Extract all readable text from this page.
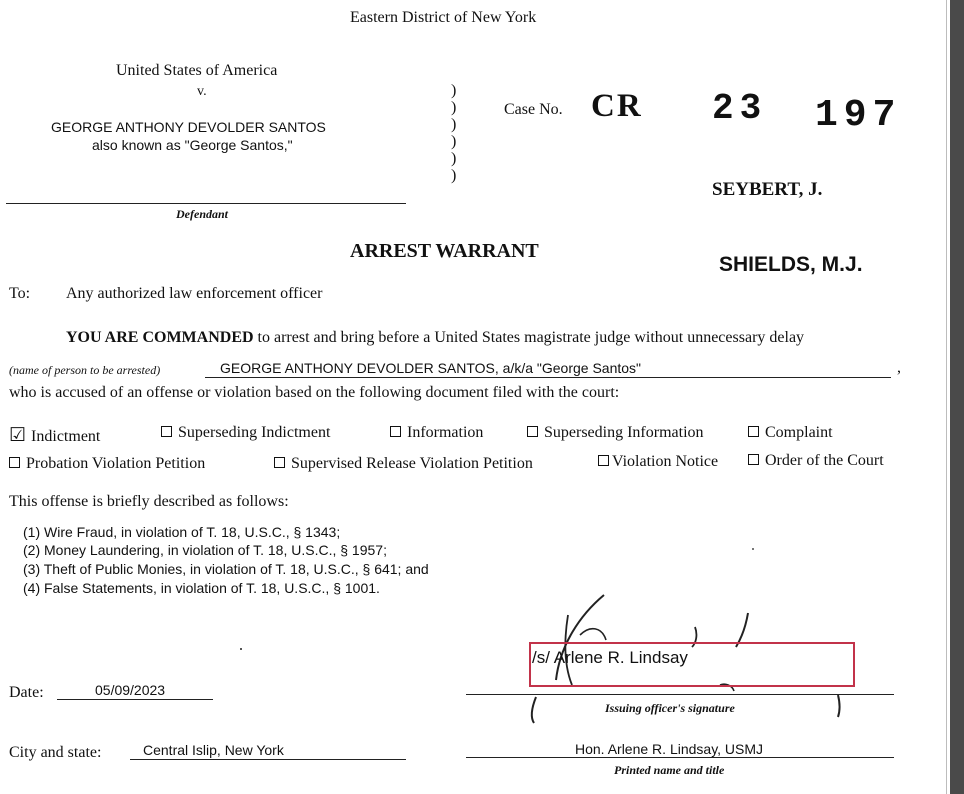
Eastern District of New York
United States of America
v.
GEORGE ANTHONY DEVOLDER SANTOS
also known as "George Santos,"
Defendant
)
)
)
)
)
)
Case No. CR 23 197
SEYBERT, J.
SHIELDS, M.J.
ARREST WARRANT
To: Any authorized law enforcement officer
YOU ARE COMMANDED to arrest and bring before a United States magistrate judge without unnecessary delay
(name of person to be arrested)	GEORGE ANTHONY DEVOLDER SANTOS, a/k/a "George Santos"	,
who is accused of an offense or violation based on the following document filed with the court:
☑ Indictment	Superseding Indictment	Information	Superseding Information	Complaint
Probation Violation Petition	Supervised Release Violation Petition	Violation Notice	Order of the Court
This offense is briefly described as follows:
(1) Wire Fraud, in violation of T. 18, U.S.C., § 1343;
(2) Money Laundering, in violation of T. 18, U.S.C., § 1957;
(3) Theft of Public Monies, in violation of T. 18, U.S.C., § 641; and
(4) False Statements, in violation of T. 18, U.S.C., § 1001.
/s/ Arlene R. Lindsay
Date:	05/09/2023
Issuing officer's signature
City and state:	Central Islip, New York	Hon. Arlene R. Lindsay, USMJ
Printed name and title
